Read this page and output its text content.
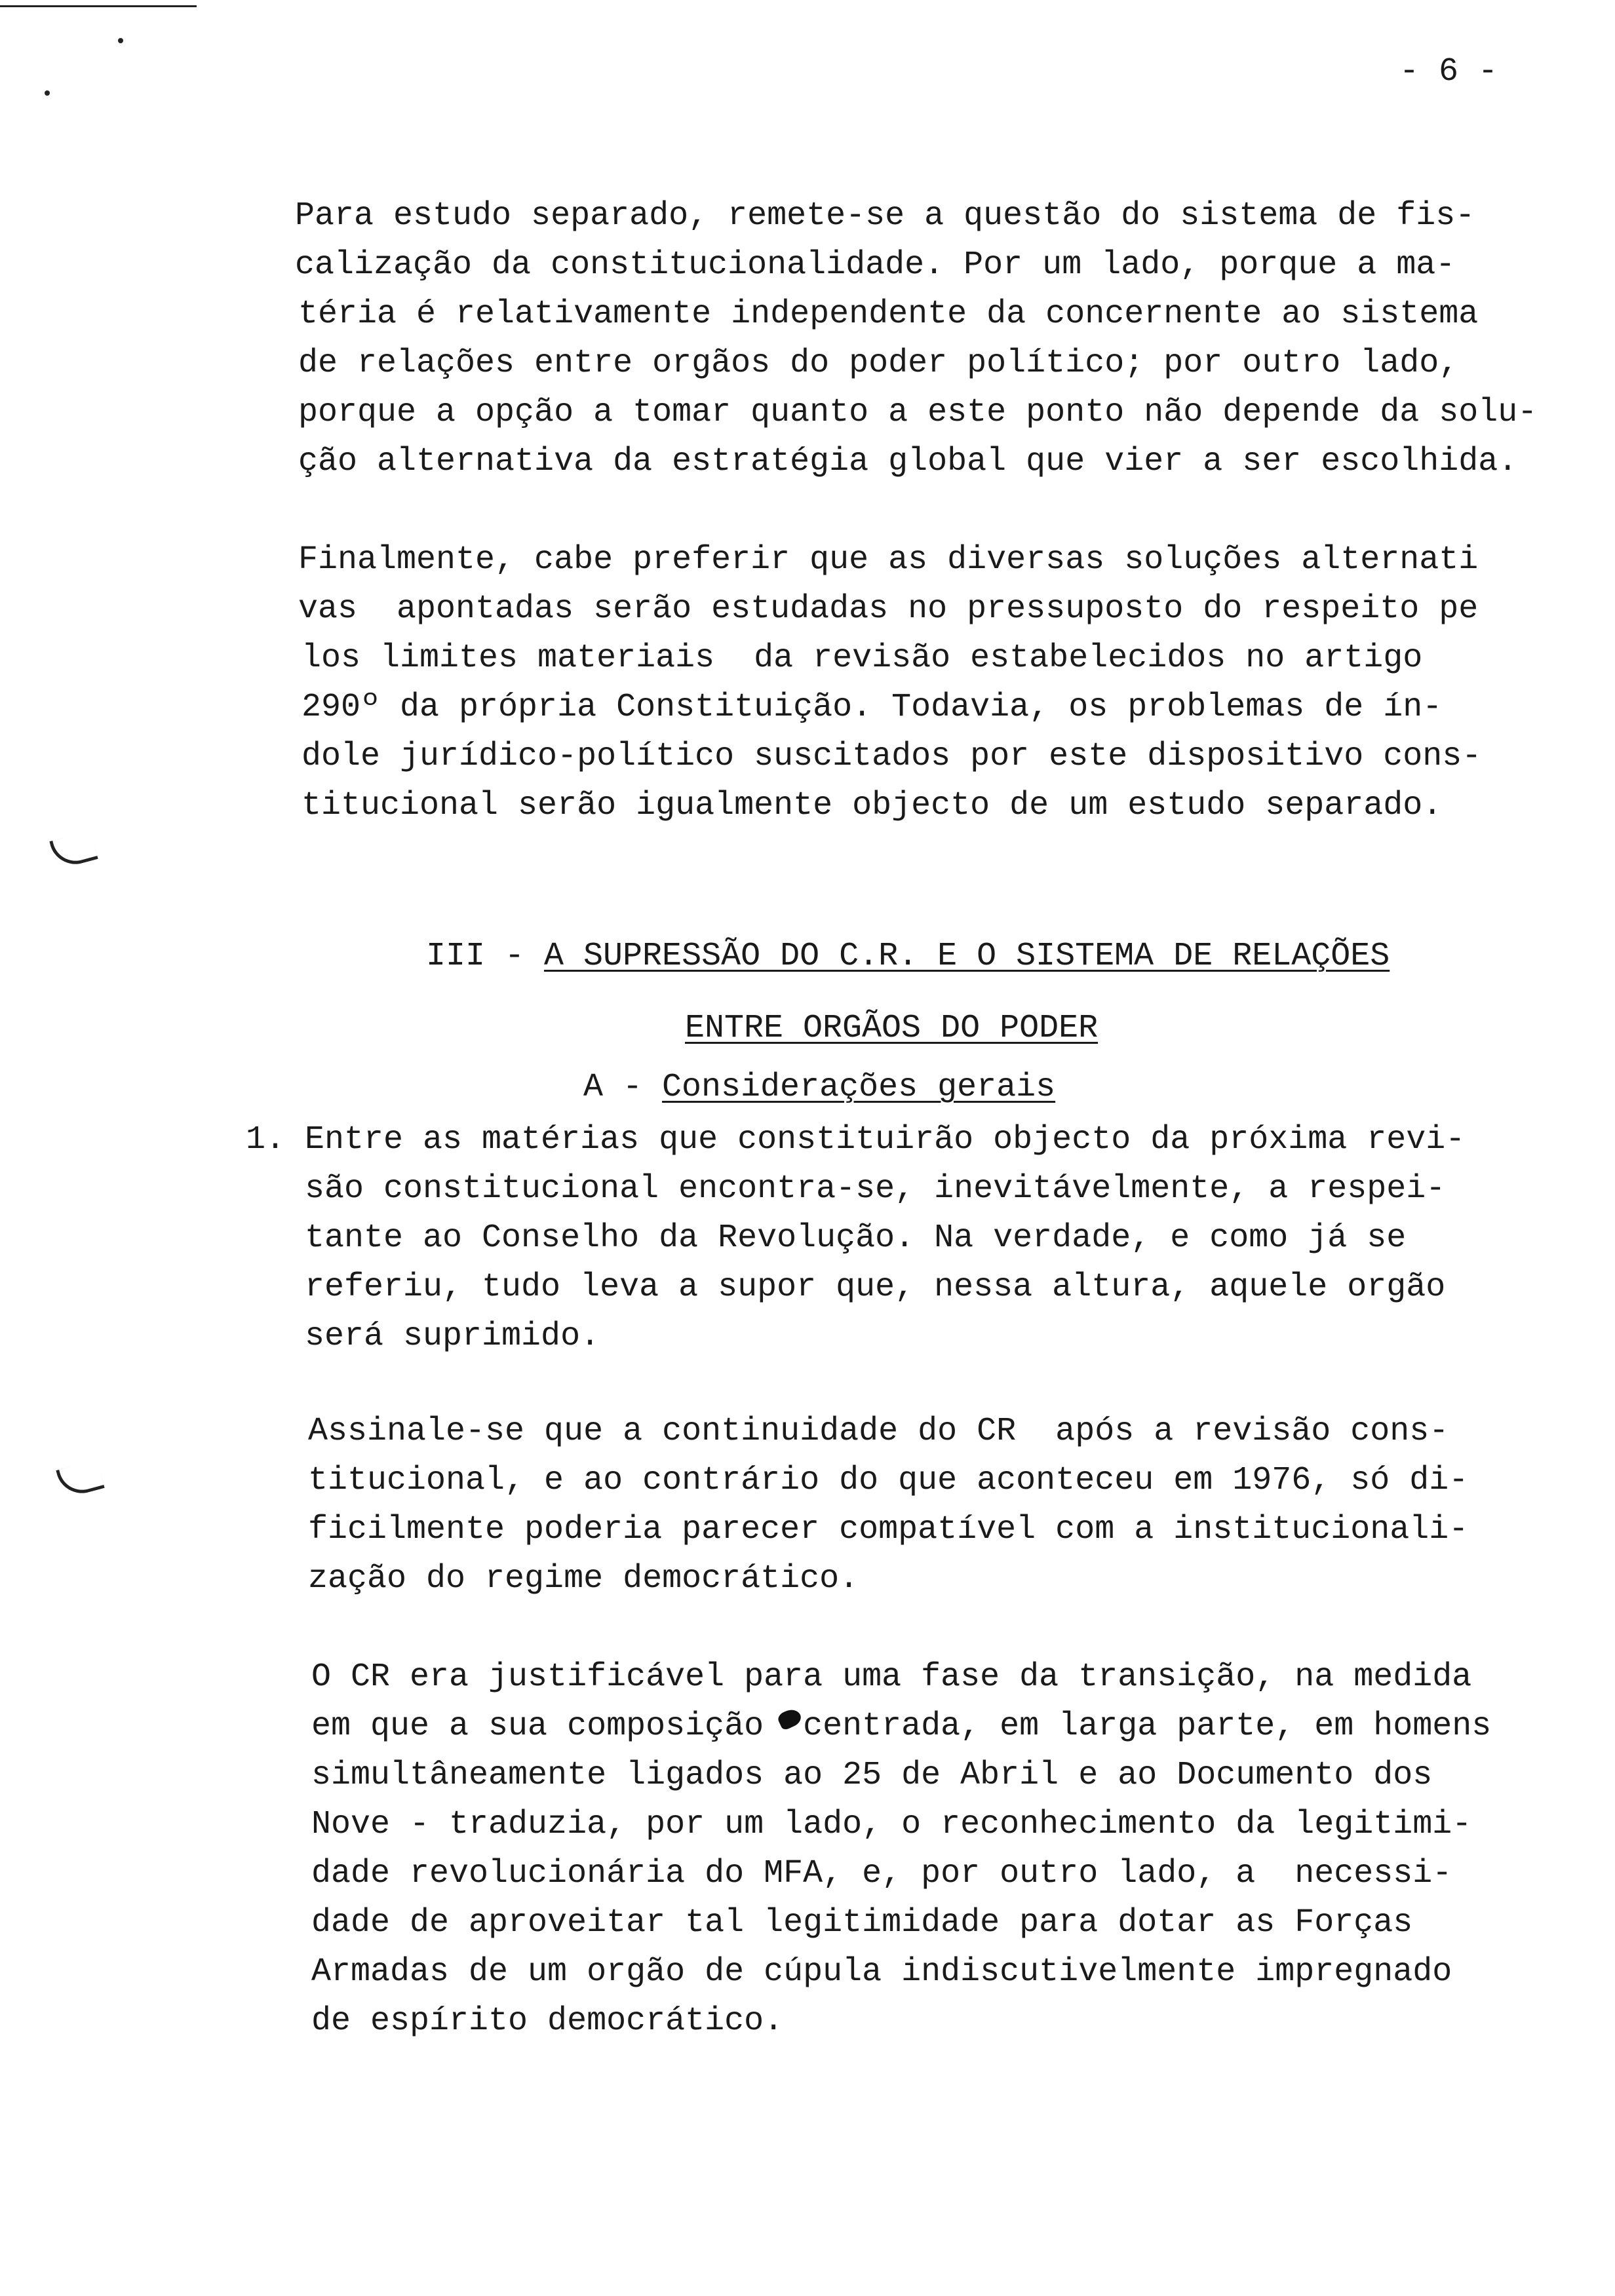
- 6 -
Para estudo separado, remete-se a questão do sistema de fis-
calização da constitucionalidade. Por um lado, porque a ma-
téria é relativamente independente da concernente ao sistema
de relações entre orgãos do poder político; por outro lado,
porque a opção a tomar quanto a este ponto não depende da solu-
ção alternativa da estratégia global que vier a ser escolhida.
Finalmente, cabe preferir que as diversas soluções alternati
vas  apontadas serão estudadas no pressuposto do respeito pe
los limites materiais  da revisão estabelecidos no artigo
290º da própria Constituição. Todavia, os problemas de ín-
dole jurídico-político suscitados por este dispositivo cons-
titucional serão igualmente objecto de um estudo separado.
III - A SUPRESSÃO DO C.R. E O SISTEMA DE RELAÇÕES
ENTRE ORGÃOS DO PODER
A - Considerações gerais
1. Entre as matérias que constituirão objecto da próxima revi-
são constitucional encontra-se, inevitávelmente, a respei-
tante ao Conselho da Revolução. Na verdade, e como já se
referiu, tudo leva a supor que, nessa altura, aquele orgão
será suprimido.
Assinale-se que a continuidade do CR  após a revisão cons-
titucional, e ao contrário do que aconteceu em 1976, só di-
ficilmente poderia parecer compatível com a institucionali-
zação do regime democrático.
O CR era justificável para uma fase da transição, na medida
em que a sua composição  centrada, em larga parte, em homens
simultâneamente ligados ao 25 de Abril e ao Documento dos
Nove - traduzia, por um lado, o reconhecimento da legitimi-
dade revolucionária do MFA, e, por outro lado, a  necessi-
dade de aproveitar tal legitimidade para dotar as Forças
Armadas de um orgão de cúpula indiscutivelmente impregnado
de espírito democrático.
